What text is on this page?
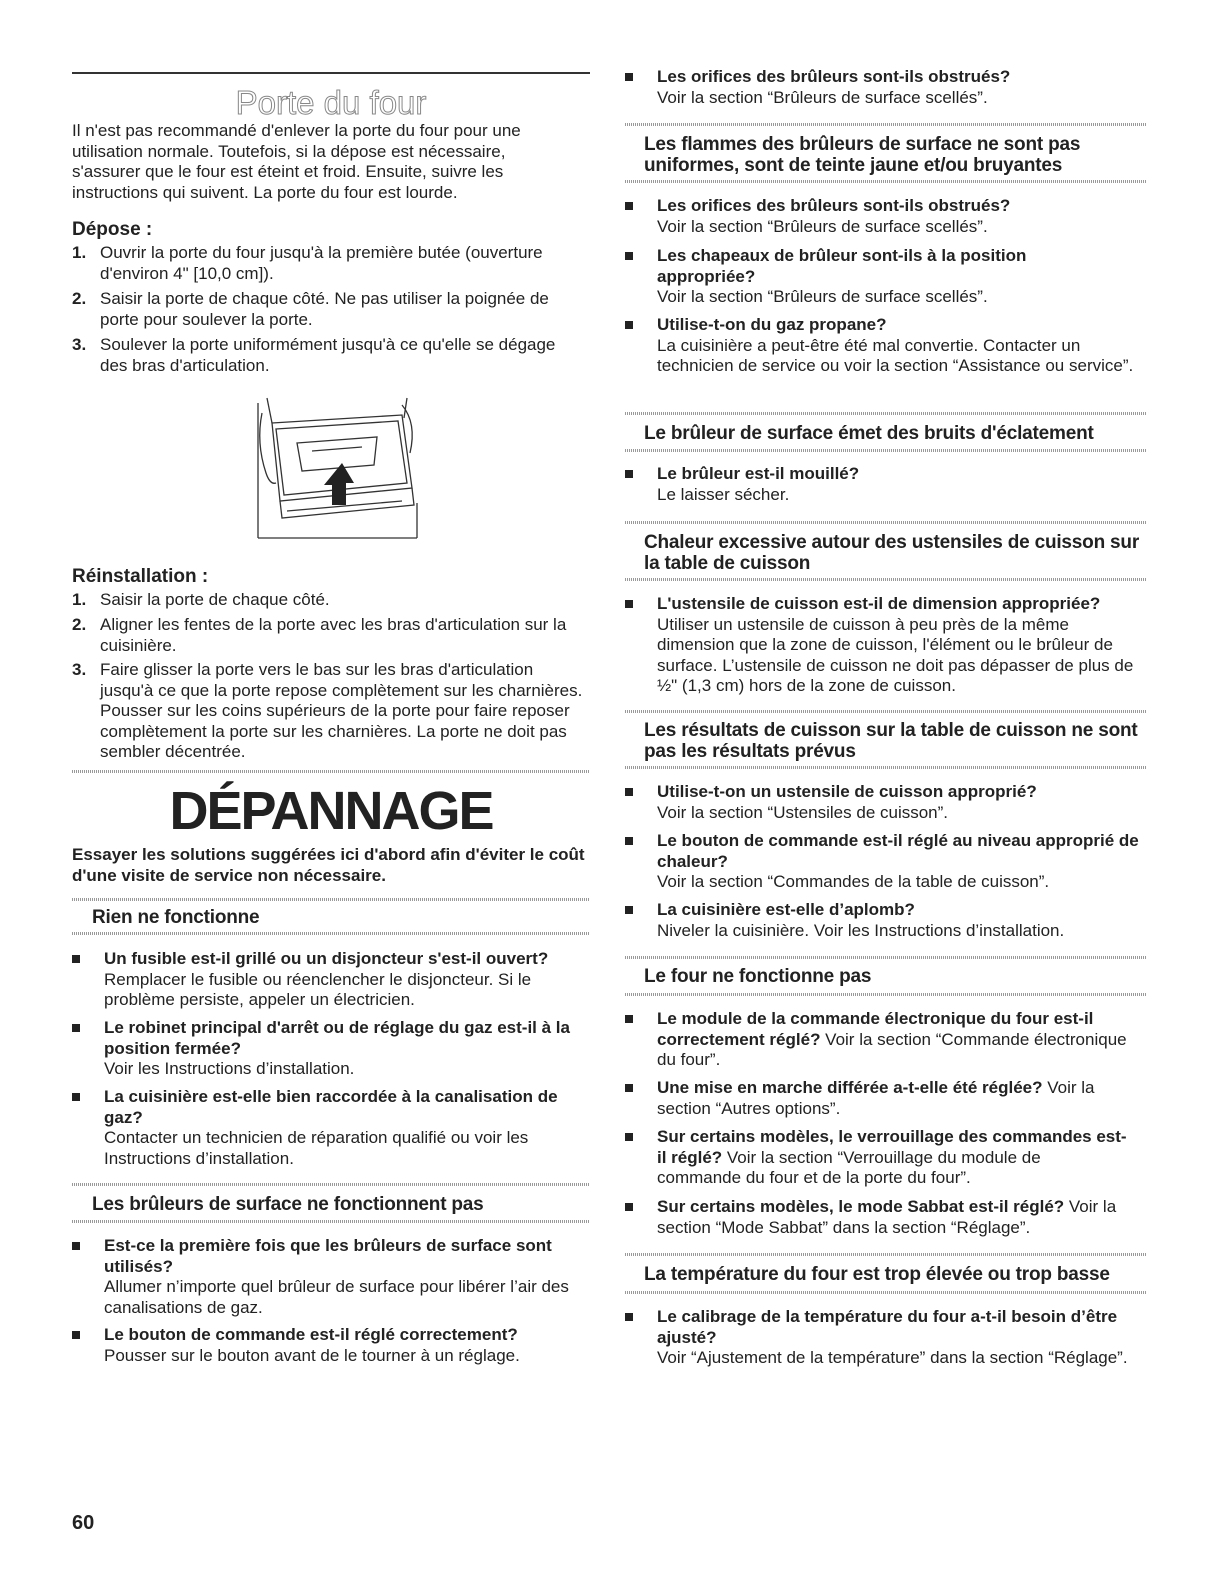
Porte du four

Il n'est pas recommandé d'enlever la porte du four pour une utilisation normale. Toutefois, si la dépose est nécessaire, s'assurer que le four est éteint et froid. Ensuite, suivre les instructions qui suivent. La porte du four est lourde.

Dépose :
1. Ouvrir la porte du four jusqu'à la première butée (ouverture d'environ 4" [10,0 cm]).
2. Saisir la porte de chaque côté. Ne pas utiliser la poignée de porte pour soulever la porte.
3. Soulever la porte uniformément jusqu'à ce qu'elle se dégage des bras d'articulation.
Réinstallation :
1. Saisir la porte de chaque côté.
2. Aligner les fentes de la porte avec les bras d'articulation sur la cuisinière.
3. Faire glisser la porte vers le bas sur les bras d'articulation jusqu'à ce que la porte repose complètement sur les charnières. Pousser sur les coins supérieurs de la porte pour faire reposer complètement la porte sur les charnières. La porte ne doit pas sembler décentrée.
DÉPANNAGE
Essayer les solutions suggérées ici d'abord afin d'éviter le coût d'une visite de service non nécessaire.
Rien ne fonctionne
Un fusible est-il grillé ou un disjoncteur s'est-il ouvert?
Remplacer le fusible ou réenclencher le disjoncteur. Si le problème persiste, appeler un électricien.
Le robinet principal d'arrêt ou de réglage du gaz est-il à la position fermée?
Voir les Instructions d’installation.
La cuisinière est-elle bien raccordée à la canalisation de gaz?
Contacter un technicien de réparation qualifié ou voir les Instructions d’installation.
Les brûleurs de surface ne fonctionnent pas
Est-ce la première fois que les brûleurs de surface sont utilisés?
Allumer n’importe quel brûleur de surface pour libérer l’air des canalisations de gaz.
Le bouton de commande est-il réglé correctement?
Pousser sur le bouton avant de le tourner à un réglage.
60
Les orifices des brûleurs sont-ils obstrués?
Voir la section “Brûleurs de surface scellés”.
Les flammes des brûleurs de surface ne sont pas uniformes, sont de teinte jaune et/ou bruyantes
Les orifices des brûleurs sont-ils obstrués?
Voir la section “Brûleurs de surface scellés”.
Les chapeaux de brûleur sont-ils à la position appropriée?
Voir la section “Brûleurs de surface scellés”.
Utilise-t-on du gaz propane?
La cuisinière a peut-être été mal convertie. Contacter un technicien de service ou voir la section “Assistance ou service”.
Le brûleur de surface émet des bruits d'éclatement
Le brûleur est-il mouillé?
Le laisser sécher.
Chaleur excessive autour des ustensiles de cuisson sur la table de cuisson
L'ustensile de cuisson est-il de dimension appropriée?
Utiliser un ustensile de cuisson à peu près de la même dimension que la zone de cuisson, l'élément ou le brûleur de surface. L’ustensile de cuisson ne doit pas dépasser de plus de ½" (1,3 cm) hors de la zone de cuisson.
Les résultats de cuisson sur la table de cuisson ne sont pas les résultats prévus
Utilise-t-on un ustensile de cuisson approprié?
Voir la section “Ustensiles de cuisson”.
Le bouton de commande est-il réglé au niveau approprié de chaleur?
Voir la section “Commandes de la table de cuisson”.
La cuisinière est-elle d’aplomb?
Niveler la cuisinière. Voir les Instructions d’installation.
Le four ne fonctionne pas
Le module de la commande électronique du four est-il correctement réglé? Voir la section “Commande électronique du four”.
Une mise en marche différée a-t-elle été réglée? Voir la section “Autres options”.
Sur certains modèles, le verrouillage des commandes est-il réglé? Voir la section “Verrouillage du module de commande du four et de la porte du four”.
Sur certains modèles, le mode Sabbat est-il réglé? Voir la section “Mode Sabbat” dans la section “Réglage”.
La température du four est trop élevée ou trop basse
Le calibrage de la température du four a-t-il besoin d’être ajusté?
Voir “Ajustement de la température” dans la section “Réglage”.
